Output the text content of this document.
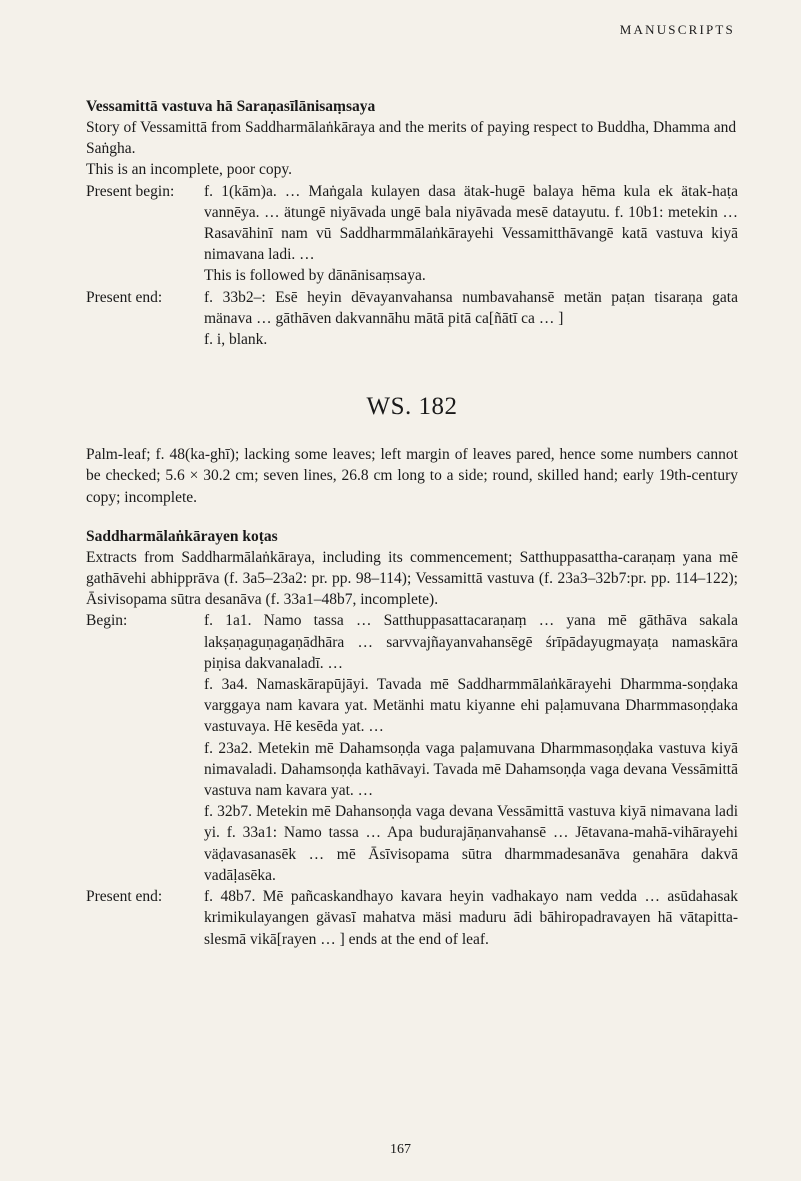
MANUSCRIPTS
Vessamittā vastuva hā Saraṇasīlānisaṃsaya

Story of Vessamittā from Saddharmālaṅkāraya and the merits of paying respect to Buddha, Dhamma and Saṅgha.

This is an incomplete, poor copy.

Present begin:	f. 1(kām)a. … Maṅgala kulayen dasa ätak-hugē balaya hēma kula ek ätak-haṭa vannēya. … ätungē niyāvada ungē bala niyāvada mesē datayutu. f. 10b1: metekin … Rasavāhinī nam vū Saddharmmālaṅkārayehi Vessamitthāvangē katā vastuva kiyā nimavana ladi. …
This is followed by dānānisaṃsaya.
Present end:	f. 33b2–: Esē heyin dēvayanvahansa numbavahansē metän paṭan tisaraṇa gata mänava … gāthāven dakvannāhu mātā pitā ca[ñātī ca … ]
f. i, blank.
WS. 182

Palm-leaf; f. 48(ka-ghī); lacking some leaves; left margin of leaves pared, hence some numbers cannot be checked; 5.6 × 30.2 cm; seven lines, 26.8 cm long to a side; round, skilled hand; early 19th-century copy; incomplete.

Saddharmālaṅkārayen koṭas

Extracts from Saddharmālaṅkāraya, including its commencement; Satthuppasattha-caraṇaṃ yana mē gathāvehi abhipprāva (f. 3a5–23a2: pr. pp. 98–114); Vessamittā vastuva (f. 23a3–32b7:pr. pp. 114–122); Āsivisopama sūtra desanāva (f. 33a1–48b7, incomplete).

Begin:	f. 1a1. Namo tassa … Satthuppasattacaraṇaṃ … yana mē gāthāva sakala lakṣaṇaguṇagaṇādhāra … sarvvajñayanvahansēgē śrīpādayugmayaṭa namaskāra piṇisa dakvanaladī. …
f. 3a4. Namaskārapūjāyi. Tavada mē Saddharmmālaṅkārayehi Dharmma-soṇḍaka varggaya nam kavara yat. Metänhi matu kiyanne ehi paḷamuvana Dharmmasoṇḍaka vastuvaya. Hē kesēda yat. …
f. 23a2. Metekin mē Dahamsoṇḍa vaga paḷamuvana Dharmmasoṇḍaka vastuva kiyā nimavaladi. Dahamsoṇḍa kathāvayi. Tavada mē Dahamsoṇḍa vaga devana Vessāmittā vastuva nam kavara yat. …
f. 32b7. Metekin mē Dahansoṇḍa vaga devana Vessāmittā vastuva kiyā nimavana ladi yi. f. 33a1: Namo tassa … Apa budurajāṇanvahansē … Jētavana-mahā-vihārayehi väḍavasanasēk … mē Āsīvisopama sūtra dharmmadesanāva genahāra dakvā vadāḷasēka.
Present end:	f. 48b7. Mē pañcaskandhayo kavara heyin vadhakayo nam vedda … asūdahasak krimikulayangen gävasī mahatva mäsi maduru ādi bāhiropadravayen hā vātapitta-slesmā vikā[rayen … ] ends at the end of leaf.
167
